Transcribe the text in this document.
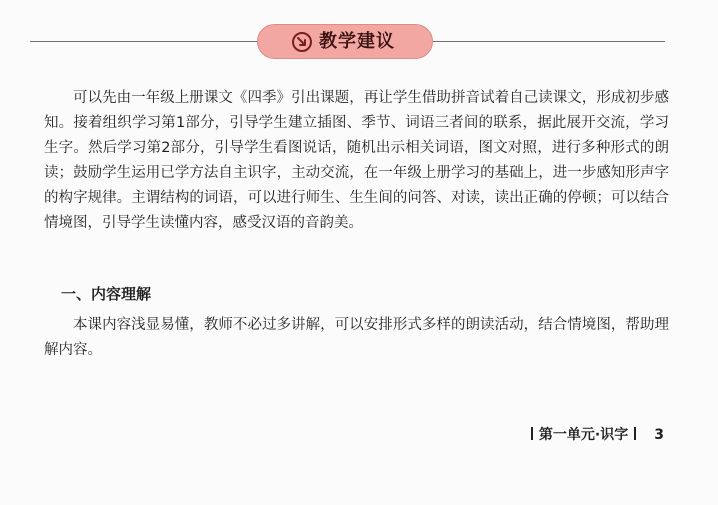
教学建议

可以先由一年级上册课文《四季》引出课题，再让学生借助拼音试着自己读课文，形成初步感知。接着组织学习第1部分，引导学生建立插图、季节、词语三者间的联系，据此展开交流，学习生字。然后学习第2部分，引导学生看图说话，随机出示相关词语，图文对照，进行多种形式的朗读；鼓励学生运用已学方法自主识字，主动交流，在一年级上册学习的基础上，进一步感知形声字的构字规律。主谓结构的词语，可以进行师生、生生间的问答、对读，读出正确的停顿；可以结合情境图，引导学生读懂内容，感受汉语的音韵美。

一、内容理解

本课内容浅显易懂，教师不必过多讲解，可以安排形式多样的朗读活动，结合情境图，帮助理解内容。

第一单元·识字 3
